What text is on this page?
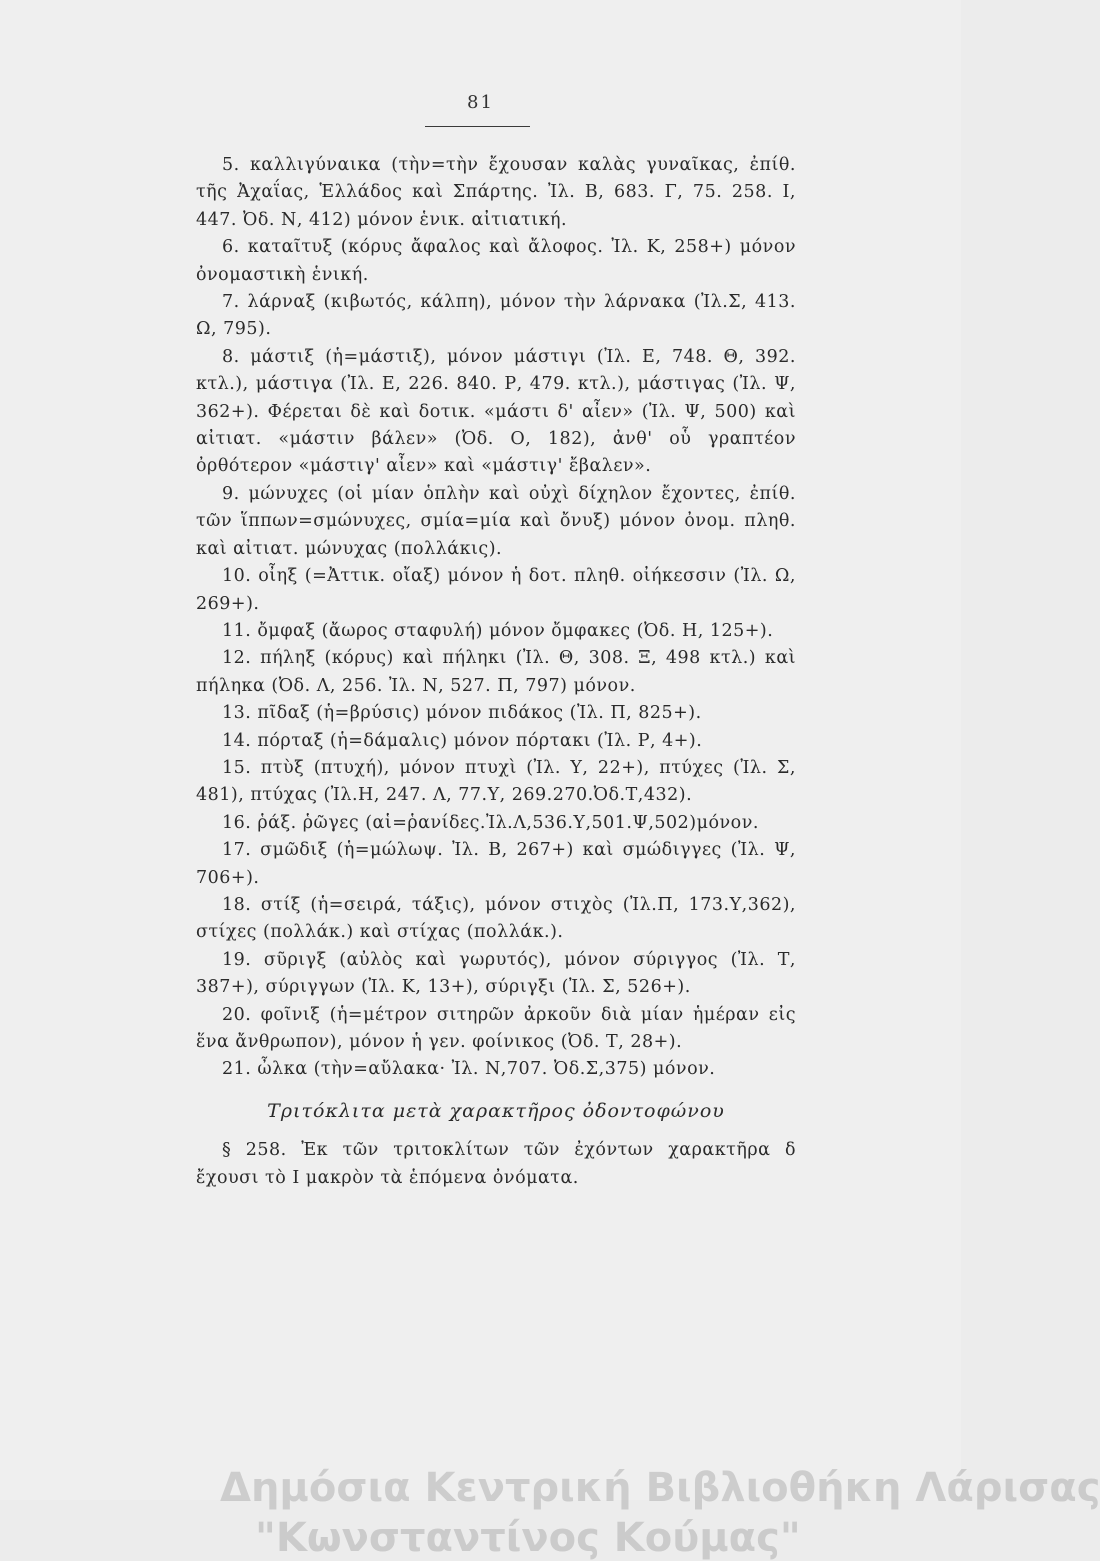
81

5. καλλιγύναικα (τὴν=τὴν ἔχουσαν καλὰς γυναῖκας, ἐπίθ. τῆς Ἀχαΐας, Ἑλλάδος καὶ Σπάρτης. Ἰλ. Β, 683. Γ, 75. 258. Ι, 447. Ὀδ. Ν, 412) μόνον ἑνικ. αἰτιατική.

6. καταῖτυξ (κόρυς ἄφαλος καὶ ἄλοφος. Ἰλ. Κ, 258+) μόνον ὀνομαστικὴ ἑνική.

7. λάρναξ (κιβωτός, κάλπη), μόνον τὴν λάρνακα (Ἰλ.Σ, 413. Ω, 795).

8. μάστιξ (ἡ=μάστιξ), μόνον μάστιγι (Ἰλ. Ε, 748. Θ, 392. κτλ.), μάστιγα (Ἰλ. Ε, 226. 840. Ρ, 479. κτλ.), μάστιγας (Ἰλ. Ψ, 362+). Φέρεται δὲ καὶ δοτικ. «μάστι δ' αἶεν» (Ἰλ. Ψ, 500) καὶ αἰτιατ. «μάστιν βάλεν» (Ὀδ. Ο, 182), ἀνθ' οὗ γραπτέον ὀρθότερον «μάστιγ' αἶεν» καὶ «μάστιγ' ἔβαλεν».

9. μώνυχες (οἱ μίαν ὁπλὴν καὶ οὐχὶ δίχηλον ἔχοντες, ἐπίθ. τῶν ἵππων=σμώνυχες, σμία=μία καὶ ὄνυξ) μόνον ὀνομ. πληθ. καὶ αἰτιατ. μώνυχας (πολλάκις).

10. οἶηξ (=Ἀττικ. οἴαξ) μόνον ἡ δοτ. πληθ. οἰήκεσσιν (Ἰλ. Ω, 269+).

11. ὄμφαξ (ἄωρος σταφυλή) μόνον ὄμφακες (Ὀδ. Η, 125+).

12. πήληξ (κόρυς) καὶ πήληκι (Ἰλ. Θ, 308. Ξ, 498 κτλ.) καὶ πήληκα (Ὀδ. Λ, 256. Ἰλ. Ν, 527. Π, 797) μόνον.

13. πῖδαξ (ἡ=βρύσις) μόνον πιδάκος (Ἰλ. Π, 825+).

14. πόρταξ (ἡ=δάμαλις) μόνον πόρτακι (Ἰλ. Ρ, 4+).

15. πτὺξ (πτυχή), μόνον πτυχὶ (Ἰλ. Υ, 22+), πτύχες (Ἰλ. Σ, 481), πτύχας (Ἰλ.Η, 247. Λ, 77.Υ, 269.270.Ὀδ.Τ,432).

16. ῥάξ. ῥῶγες (αἱ=ῥανίδες.Ἰλ.Λ,536.Υ,501.Ψ,502)μόνον.

17. σμῶδιξ (ἡ=μώλωψ. Ἰλ. Β, 267+) καὶ σμώδιγγες (Ἰλ. Ψ, 706+).

18. στίξ (ἡ=σειρά, τάξις), μόνον στιχὸς (Ἰλ.Π, 173.Υ,362), στίχες (πολλάκ.) καὶ στίχας (πολλάκ.).

19. σῦριγξ (αὐλὸς καὶ γωρυτός), μόνον σύριγγος (Ἰλ. Τ, 387+), σύριγγων (Ἰλ. Κ, 13+), σύριγξι (Ἰλ. Σ, 526+).

20. φοῖνιξ (ἡ=μέτρον σιτηρῶν ἀρκοῦν διὰ μίαν ἡμέραν εἰς ἕνα ἄνθρωπον), μόνον ἡ γεν. φοίνικος (Ὀδ. Τ, 28+).

21. ὦλκα (τὴν=αὔλακα· Ἰλ. Ν,707. Ὀδ.Σ,375) μόνον.

Τριτόκλιτα μετὰ χαρακτῆρος ὀδοντοφώνου

§ 258. Ἐκ τῶν τριτοκλίτων τῶν ἐχόντων χαρακτῆρα δ ἔχουσι τὸ Ι μακρὸν τὰ ἑπόμενα ὀνόματα.

Δημόσια Κεντρική Βιβλιοθήκη Λάρισας
"Κωνσταντίνος Κούμας"
